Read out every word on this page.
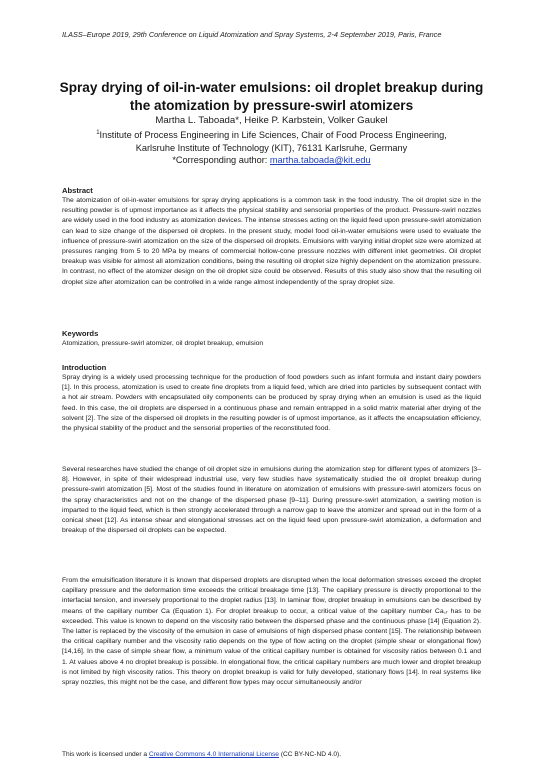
ILASS–Europe 2019, 29th Conference on Liquid Atomization and Spray Systems, 2-4 September 2019, Paris, France
Spray drying of oil-in-water emulsions: oil droplet breakup during
the atomization by pressure-swirl atomizers
Martha L. Taboada*, Heike P. Karbstein, Volker Gaukel
$^1$Institute of Process Engineering in Life Sciences, Chair of Food Process Engineering,
Karlsruhe Institute of Technology (KIT), 76131 Karlsruhe, Germany
*Corresponding author: martha.taboada@kit.edu

Abstract

The atomization of oil-in-water emulsions for spray drying applications is a common task in the food industry. The oil droplet size in the resulting powder is of upmost importance as it affects the physical stability and sensorial properties of the product. Pressure-swirl nozzles are widely used in the food industry as atomization devices. The intense stresses acting on the liquid feed upon pressure-swirl atomization can lead to size change of the dispersed oil droplets. In the present study, model food oil-in-water emulsions were used to evaluate the influence of pressure-swirl atomization on the size of the dispersed oil droplets. Emulsions with varying initial droplet size were atomized at pressures ranging from 5 to 20 MPa by means of commercial hollow-cone pressure nozzles with different inlet geometries. Oil droplet breakup was visible for almost all atomization conditions, being the resulting oil droplet size highly dependent on the atomization pressure. In contrast, no effect of the atomizer design on the oil droplet size could be observed. Results of this study also show that the resulting oil droplet size after atomization can be controlled in a wide range almost independently of the spray droplet size.

Keywords

Atomization, pressure-swirl atomizer, oil droplet breakup, emulsion

Introduction

Spray drying is a widely used processing technique for the production of food powders such as infant formula and instant dairy powders [1]. In this process, atomization is used to create fine droplets from a liquid feed, which are dried into particles by subsequent contact with a hot air stream. Powders with encapsulated oily components can be produced by spray drying when an emulsion is used as the liquid feed. In this case, the oil droplets are dispersed in a continuous phase and remain entrapped in a solid matrix material after drying of the solvent [2]. The size of the dispersed oil droplets in the resulting powder is of upmost importance, as it affects the encapsulation efficiency, the physical stability of the product and the sensorial properties of the reconstituted food.

Several researches have studied the change of oil droplet size in emulsions during the atomization step for different types of atomizers [3–8]. However, in spite of their widespread industrial use, very few studies have systematically studied the oil droplet breakup during pressure-swirl atomization [5]. Most of the studies found in literature on atomization of emulsions with pressure-swirl atomizers focus on the spray characteristics and not on the change of the dispersed phase [9–11]. During pressure-swirl atomization, a swirling motion is imparted to the liquid feed, which is then strongly accelerated through a narrow gap to leave the atomizer and spread out in the form of a conical sheet [12]. As intense shear and elongational stresses act on the liquid feed upon pressure-swirl atomization, a deformation and breakup of the dispersed oil droplets can be expected.

From the emulsification literature it is known that dispersed droplets are disrupted when the local deformation stresses exceed the droplet capillary pressure and the deformation time exceeds the critical breakage time [13]. The capillary pressure is directly proportional to the interfacial tension, and inversely proportional to the droplet radius [13]. In laminar flow, droplet breakup in emulsions can be described by means of the capillary number Ca (Equation 1). For droplet breakup to occur, a critical value of the capillary number Ca꜀ᵣ has to be exceeded. This value is known to depend on the viscosity ratio between the dispersed phase and the continuous phase [14] (Equation 2). The latter is replaced by the viscosity of the emulsion in case of emulsions of high dispersed phase content [15]. The relationship between the critical capillary number and the viscosity ratio depends on the type of flow acting on the droplet (simple shear or elongational flow) [14,16]. In the case of simple shear flow, a minimum value of the critical capillary number is obtained for viscosity ratios between 0.1 and 1. At values above 4 no droplet breakup is possible. In elongational flow, the critical capillary numbers are much lower and droplet breakup is not limited by high viscosity ratios. This theory on droplet breakup is valid for fully developed, stationary flows [14]. In real systems like spray nozzles, this might not be the case, and different flow types may occur simultaneously and/or

This work is licensed under a Creative Commons 4.0 International License (CC BY-NC-ND 4.0).
